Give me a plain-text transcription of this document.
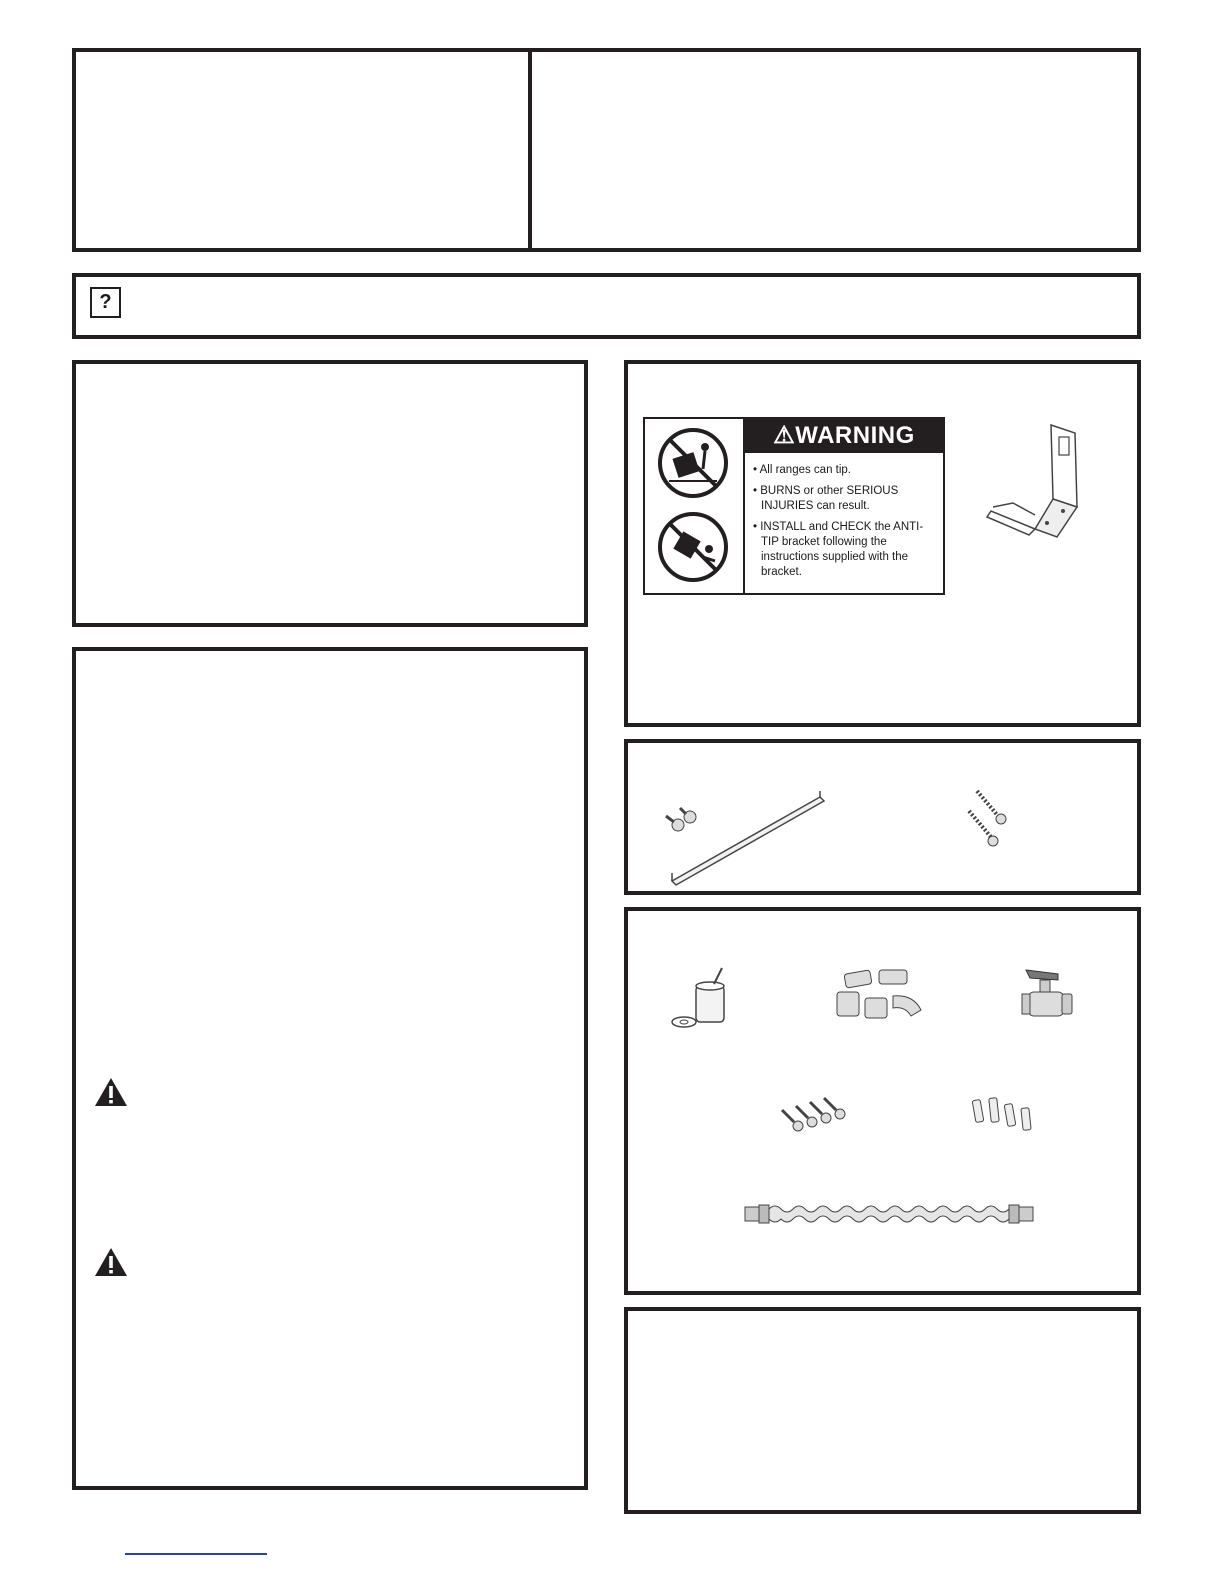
?
⚠WARNING
• All ranges can tip.
• BURNS or other SERIOUS INJURIES can result.
• INSTALL and CHECK the ANTI-TIP bracket following the instructions supplied with the bracket.
